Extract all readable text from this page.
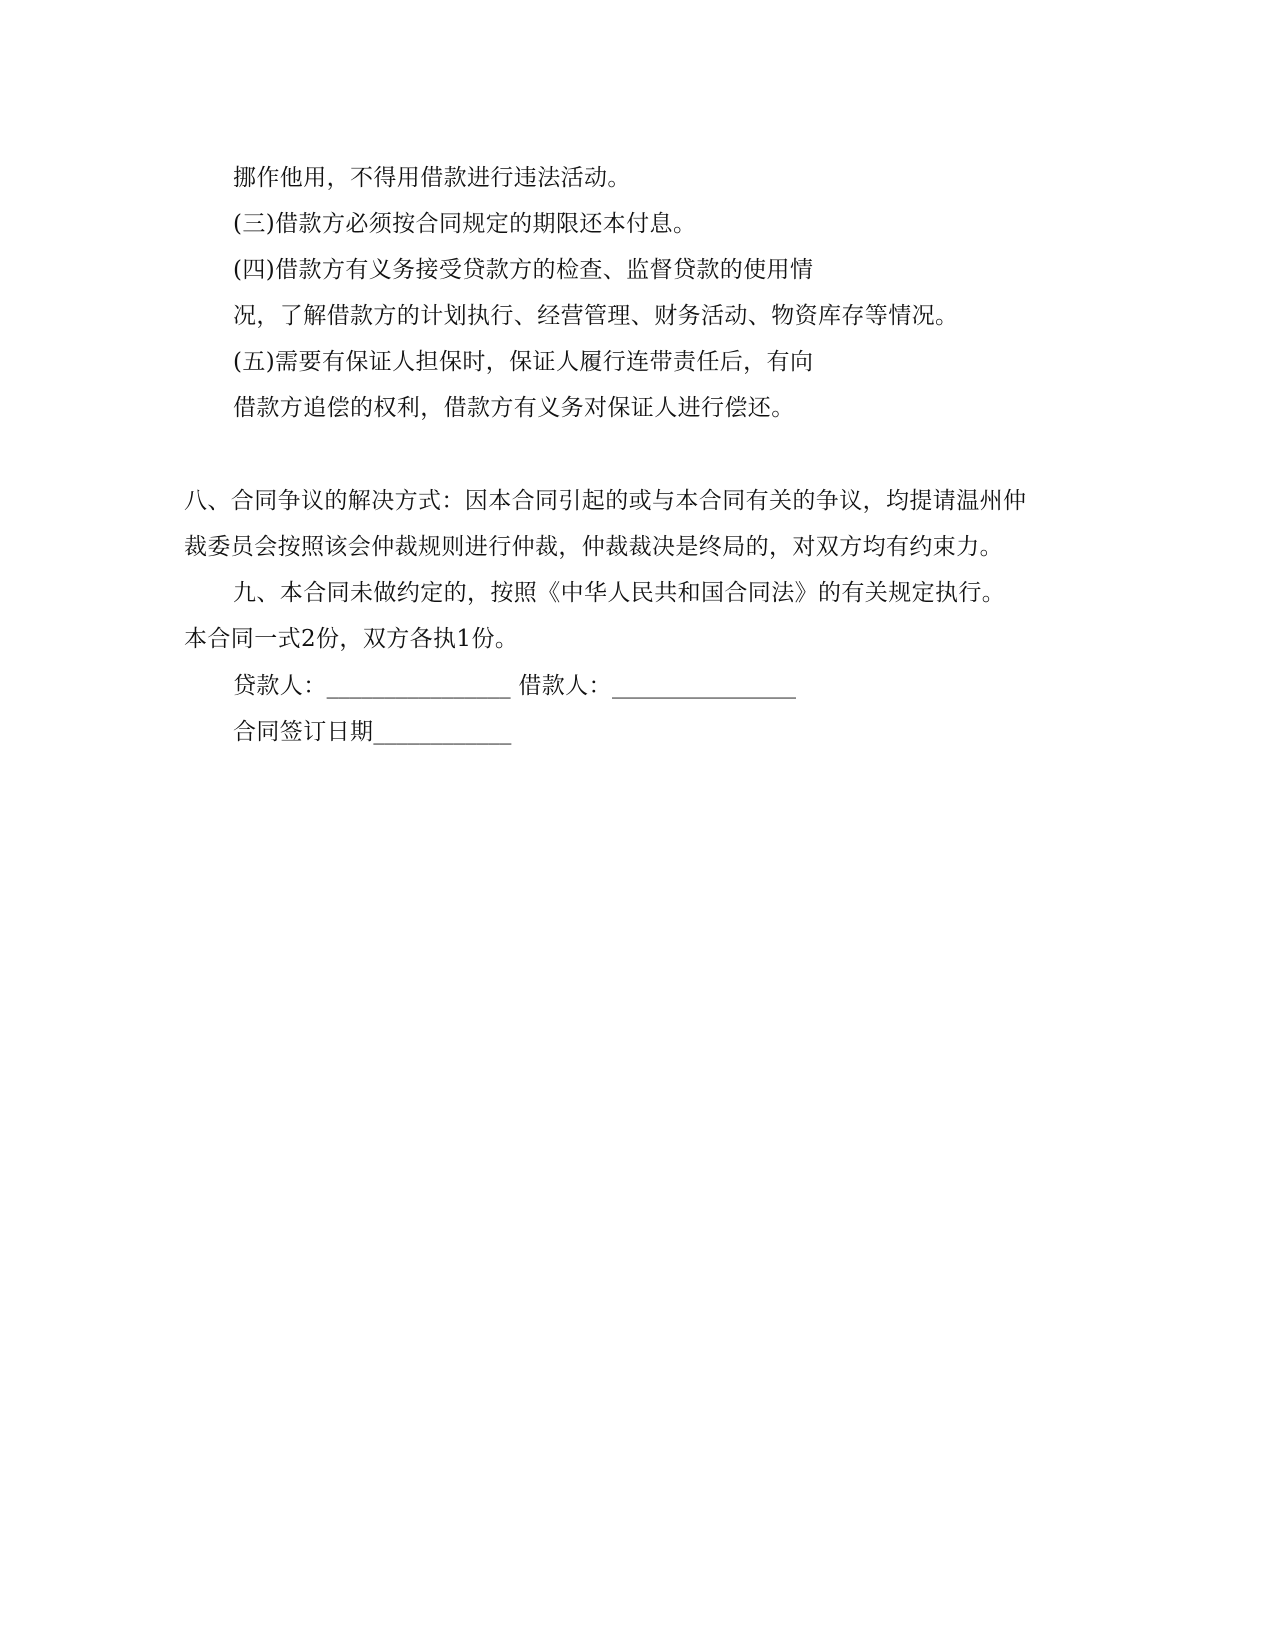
挪作他用，不得用借款进行违法活动。
(三)借款方必须按合同规定的期限还本付息。
(四)借款方有义务接受贷款方的检查、监督贷款的使用情
况，了解借款方的计划执行、经营管理、财务活动、物资库存等情况。
(五)需要有保证人担保时，保证人履行连带责任后，有向
借款方追偿的权利，借款方有义务对保证人进行偿还。
八、合同争议的解决方式：因本合同引起的或与本合同有关的争议，均提请温州仲
裁委员会按照该会仲裁规则进行仲裁，仲裁裁决是终局的，对双方均有约束力。
九、本合同未做约定的，按照《中华人民共和国合同法》的有关规定执行。
本合同一式2份，双方各执1份。
贷款人：________________ 借款人：________________
合同签订日期____________
